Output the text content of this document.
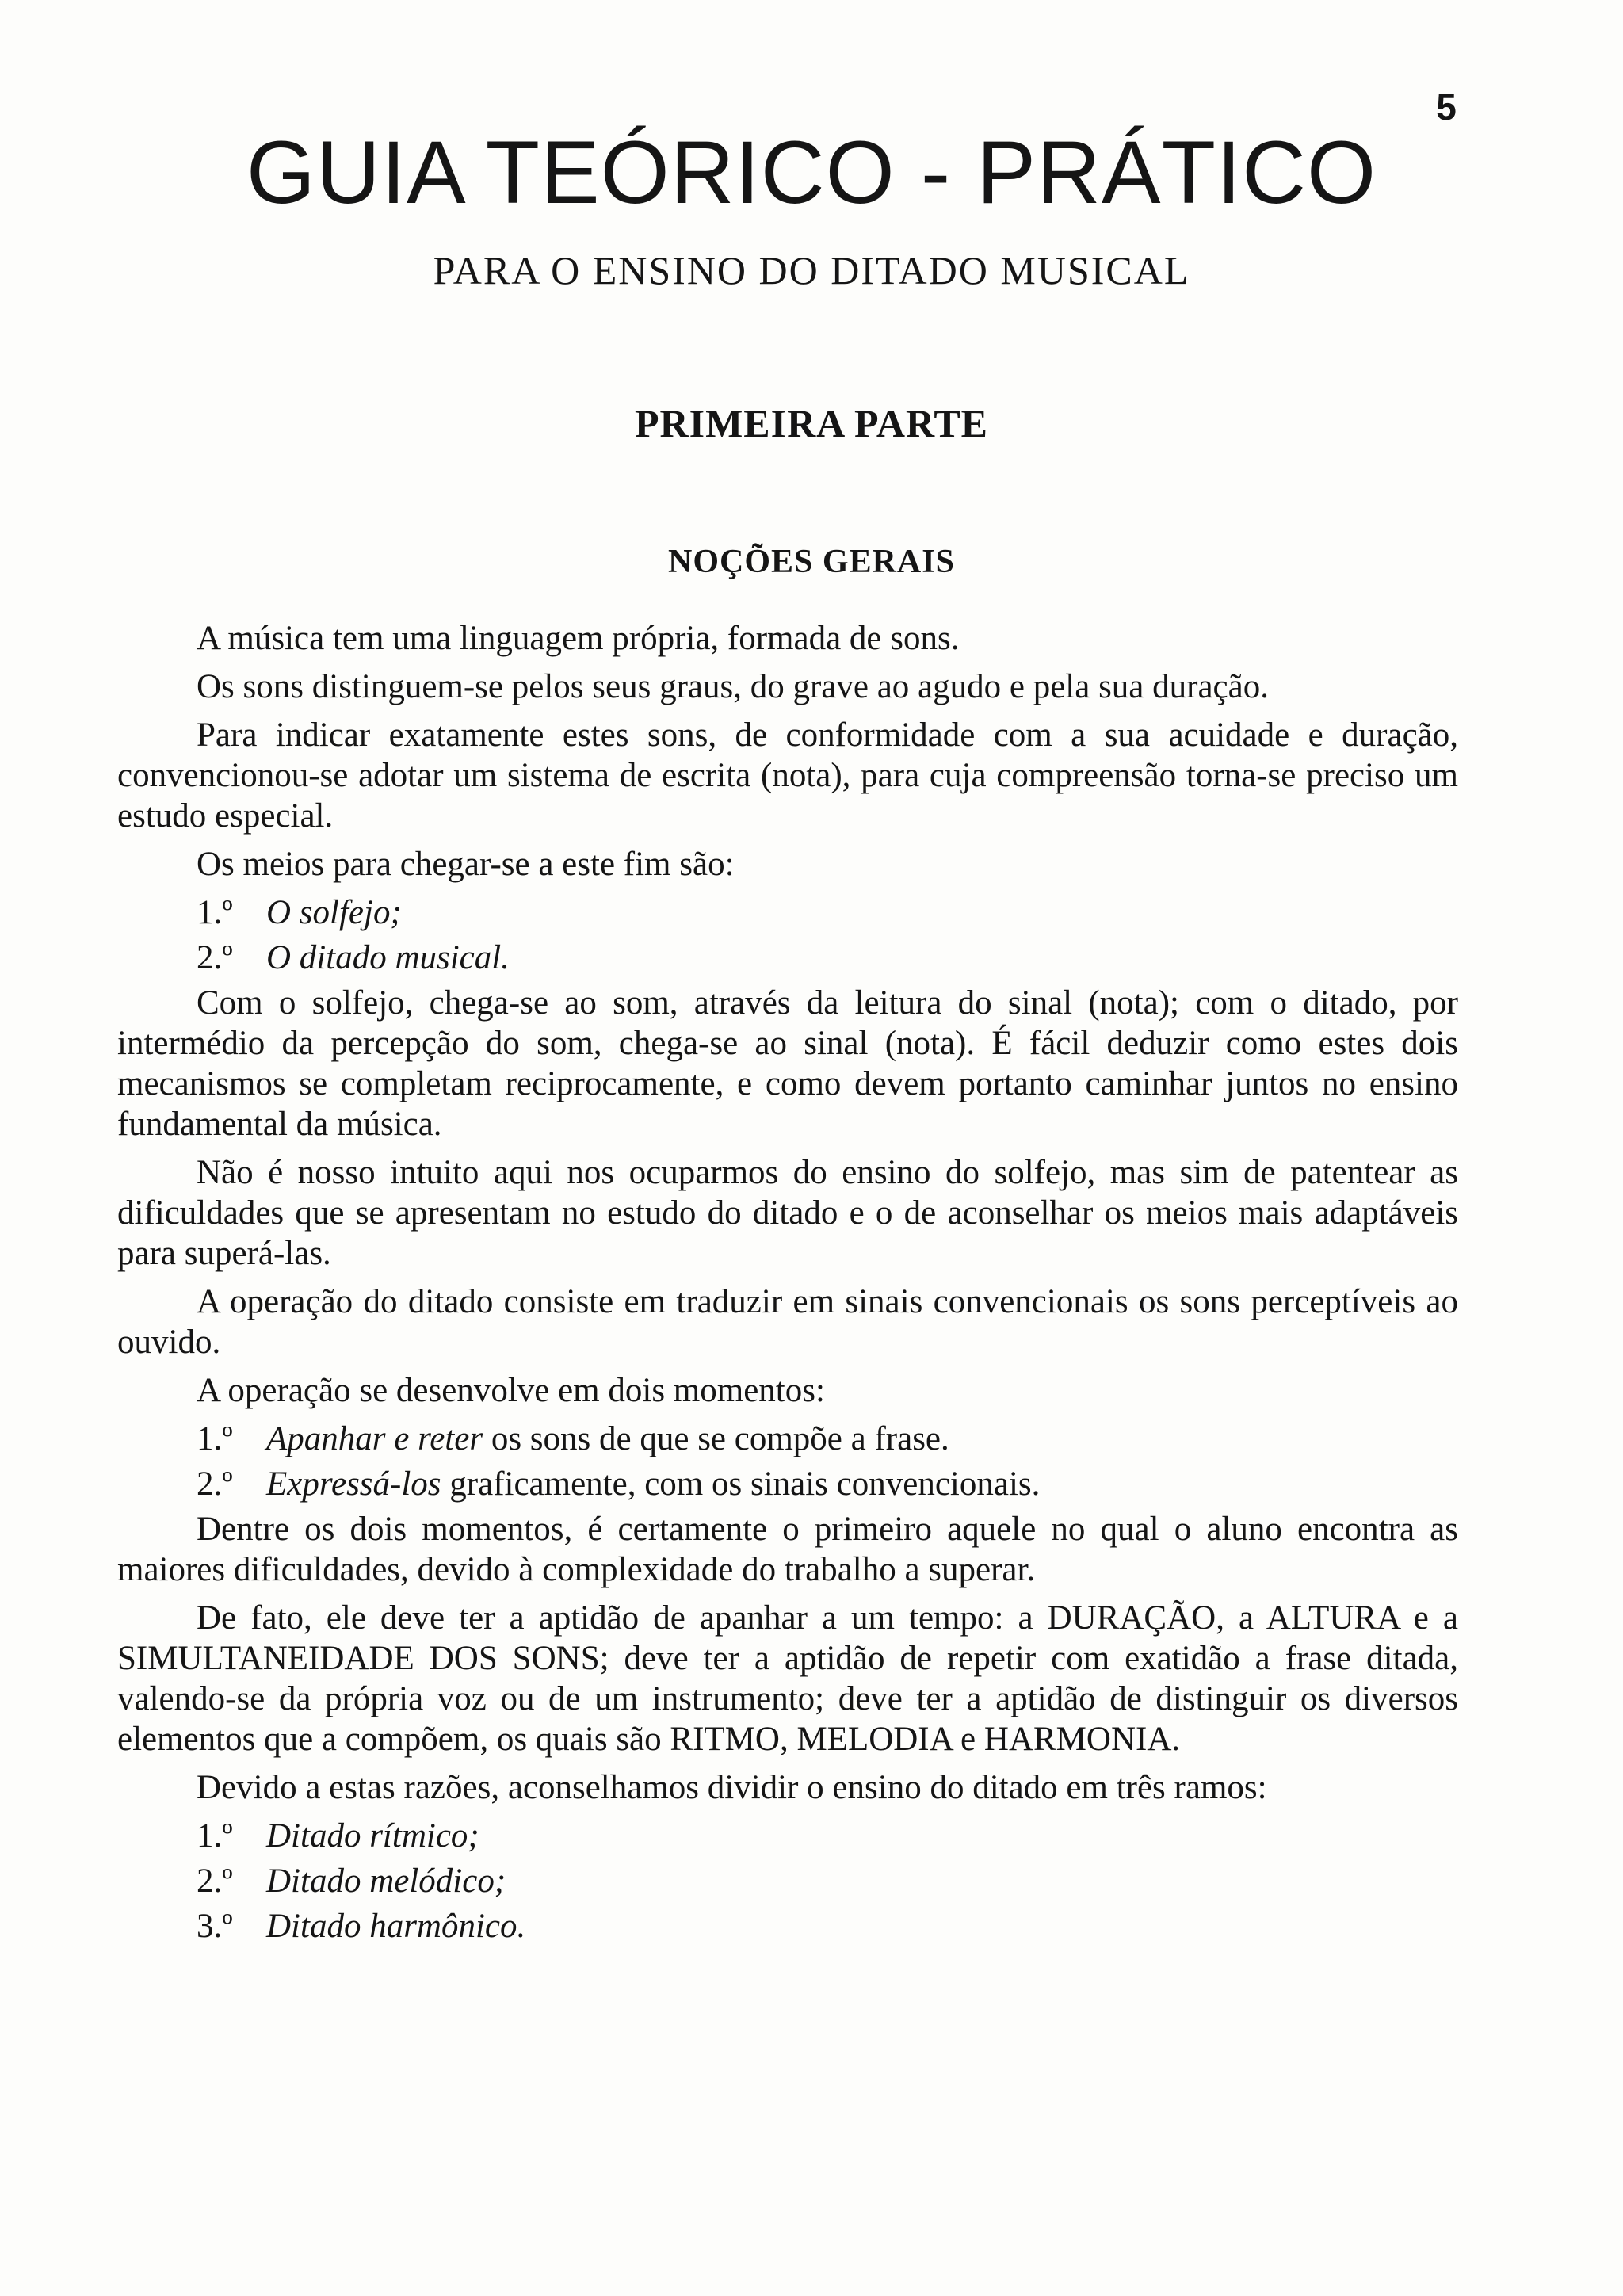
5
GUIA TEÓRICO - PRÁTICO
PARA O ENSINO DO DITADO MUSICAL
PRIMEIRA PARTE
NOÇÕES GERAIS

A música tem uma linguagem própria, formada de sons.

Os sons distinguem-se pelos seus graus, do grave ao agudo e pela sua duração.

Para indicar exatamente estes sons, de conformidade com a sua acuidade e duração, convencionou-se adotar um sistema de escrita (nota), para cuja compreensão torna-se preciso um estudo especial.

Os meios para chegar-se a este fim são:

1.º O solfejo;
2.º O ditado musical.

Com o solfejo, chega-se ao som, através da leitura do sinal (nota); com o ditado, por intermédio da percepção do som, chega-se ao sinal (nota). É fácil deduzir como estes dois mecanismos se completam reciprocamente, e como devem portanto caminhar juntos no ensino fundamental da música.

Não é nosso intuito aqui nos ocuparmos do ensino do solfejo, mas sim de patentear as dificuldades que se apresentam no estudo do ditado e o de aconselhar os meios mais adaptáveis para superá-las.

A operação do ditado consiste em traduzir em sinais convencionais os sons perceptíveis ao ouvido.

A operação se desenvolve em dois momentos:

1.º Apanhar e reter os sons de que se compõe a frase.
2.º Expressá-los graficamente, com os sinais convencionais.

Dentre os dois momentos, é certamente o primeiro aquele no qual o aluno encontra as maiores dificuldades, devido à complexidade do trabalho a superar.

De fato, ele deve ter a aptidão de apanhar a um tempo: a DURAÇÃO, a ALTURA e a SIMULTANEIDADE DOS SONS; deve ter a aptidão de repetir com exatidão a frase ditada, valendo-se da própria voz ou de um instrumento; deve ter a aptidão de distinguir os diversos elementos que a compõem, os quais são RITMO, MELODIA e HARMONIA.

Devido a estas razões, aconselhamos dividir o ensino do ditado em três ramos:

1.º Ditado rítmico;
2.º Ditado melódico;
3.º Ditado harmônico.
